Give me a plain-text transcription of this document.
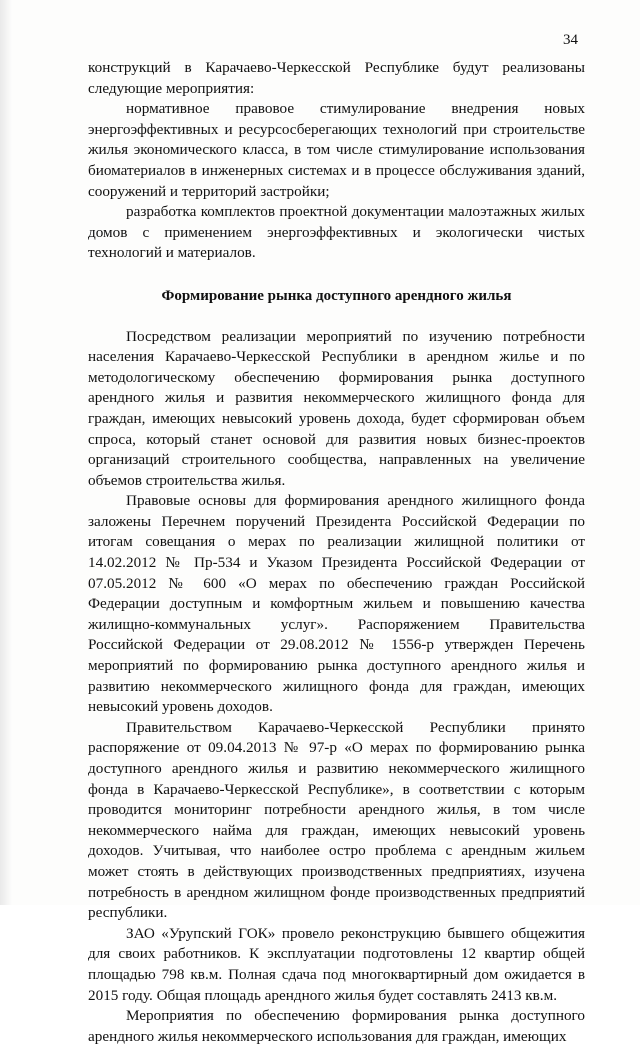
34

конструкций в Карачаево-Черкесской Республике будут реализованы следующие мероприятия:

нормативное правовое стимулирование внедрения новых энергоэффективных и ресурсосберегающих технологий при строительстве жилья экономического класса, в том числе стимулирование использования биоматериалов в инженерных системах и в процессе обслуживания зданий, сооружений и территорий застройки;

разработка комплектов проектной документации малоэтажных жилых домов с применением энергоэффективных и экологически чистых технологий и материалов.

Формирование рынка доступного арендного жилья

Посредством реализации мероприятий по изучению потребности населения Карачаево-Черкесской Республики в арендном жилье и по методологическому обеспечению формирования рынка доступного арендного жилья и развития некоммерческого жилищного фонда для граждан, имеющих невысокий уровень дохода, будет сформирован объем спроса, который станет основой для развития новых бизнес-проектов организаций строительного сообщества, направленных на увеличение объемов строительства жилья.

Правовые основы для формирования арендного жилищного фонда заложены Перечнем поручений Президента Российской Федерации по итогам совещания о мерах по реализации жилищной политики от 14.02.2012 № Пр-534 и Указом Президента Российской Федерации от 07.05.2012 № 600 «О мерах по обеспечению граждан Российской Федерации доступным и комфортным жильем и повышению качества жилищно-коммунальных услуг». Распоряжением Правительства Российской Федерации от 29.08.2012 № 1556-р утвержден Перечень мероприятий по формированию рынка доступного арендного жилья и развитию некоммерческого жилищного фонда для граждан, имеющих невысокий уровень доходов.

Правительством Карачаево-Черкесской Республики принято распоряжение от 09.04.2013 № 97-р «О мерах по формированию рынка доступного арендного жилья и развитию некоммерческого жилищного фонда в Карачаево-Черкесской Республике», в соответствии с которым проводится мониторинг потребности арендного жилья, в том числе некоммерческого найма для граждан, имеющих невысокий уровень доходов. Учитывая, что наиболее остро проблема с арендным жильем может стоять в действующих производственных предприятиях, изучена потребность в арендном жилищном фонде производственных предприятий республики.

ЗАО «Урупский ГОК» провело реконструкцию бывшего общежития для своих работников. К эксплуатации подготовлены 12 квартир общей площадью 798 кв.м. Полная сдача под многоквартирный дом ожидается в 2015 году. Общая площадь арендного жилья будет составлять 2413 кв.м.

Мероприятия по обеспечению формирования рынка доступного арендного жилья некоммерческого использования для граждан, имеющих
